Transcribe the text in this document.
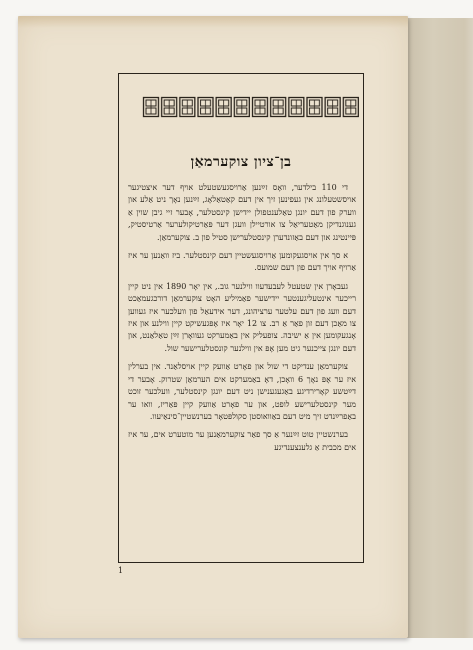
בן־ציון צוקערמאַן

די 110 בילדער, וואָס זײַנען אַרויסגעשטעלט אויף דער איצטיגער אויסשטעלונג אין געפינען זיך אין דעם קאַטאַלאָג, זײַנען נאָך ניט אַלע און ווערק פון דעם יונגן טאַלענטפולן יידישן קינסטלער, אָבער זיי גיבן שוין אַ גענוגנדיקן מאַטעריאַל צו אורטיילן וועגן דער פּאַרטיקולערער אַרטיסטיק, פּיינטינג און דעם באַזונדערן קינסטלערישן סטיל פון ב. צוקערמאַן.

א סך אין אויסגעקומען אַרויסגעשטיין דעם קינסטלער. ביז וואַנען ער איז אַרויף אויך דעם פון דעם שמועס.

געבאָרן אין שטעטל לעבעדעוו ווילנער גוב., אין יאָר 1890 אין ניט קיין רייכער אינטעליגענטער יידישער פאַמיליע האָט צוקערמאַן דורכגעמאַכט דעם וועג פון דעם עלטער ערציהונג, דער אידעאַל פון וועלכער איז געווען צו מאַכן דעם זון פאַר אַ רב. צו 12 יאָר איז אָפּגעשיקט קיין ווילנע און איז אָנגעקומען אין אַ ישיבה. צופעליק אין באַמערקט געוואָרן זײַן טאַלאַנט, און דעם יונגן צייכנער גיט מען אָפּ אין ווילנער קונסטלערישער שול.

צוקערמאַן ענדיקט די שול און פאָרט אַוועק קיין אויסלאַנד. אין בערלין איז ער אָפּ נאָך 6 וואָכן, דאָ באַמערקט אים הערמאַן שטרוק. אָבער די דײַטשע קאָרירדיגע באַגעגענישן ניט דעם יונגן קינסטלער, וועלכער זוכט מער קינסטלערישע לופט, און ער פאָרט אַוועק קיין פּאַריז, וואו ער באַפרײַנדט זיך מיט דעם באַוואוסטן סקולפּטאָר בערנשטיין־סינאַיעוו.

בערנשטיין טוט זײַנער אַ סך פאַר צוקערמאַנען ער מוטערט אים, ער איז אים מכבית אַ גלענצענדיגע

1
